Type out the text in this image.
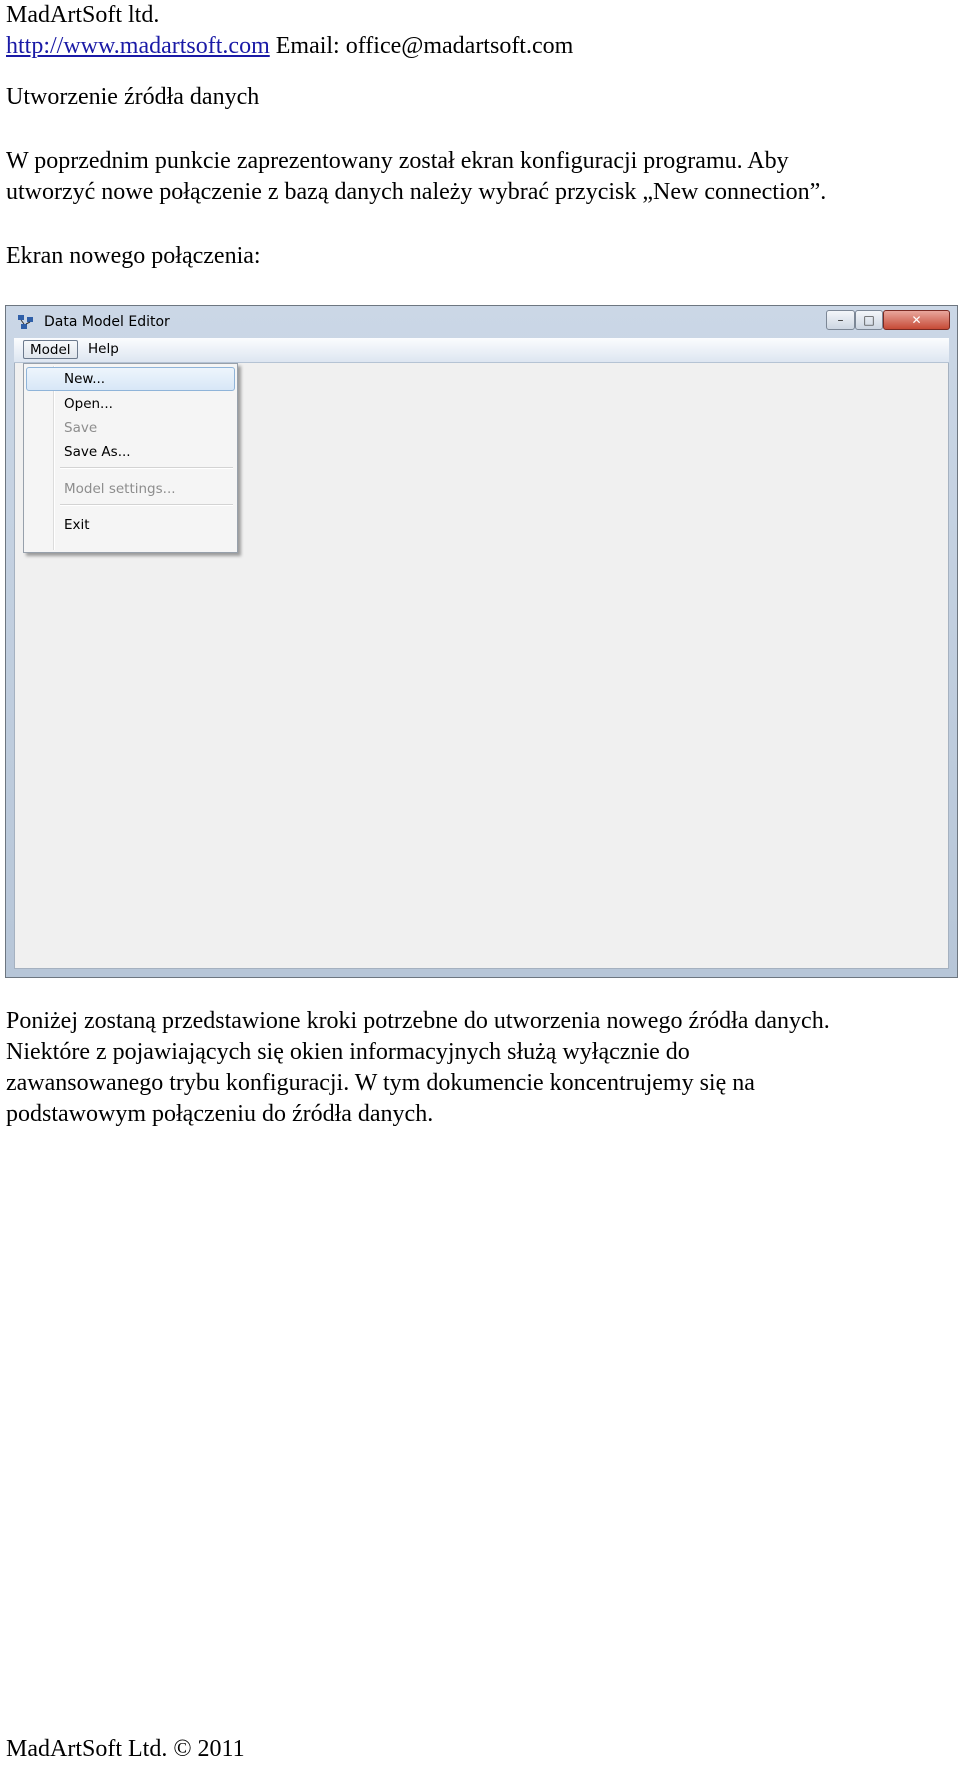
MadArtSoft ltd.

http://www.madartsoft.com Email: office@madartsoft.com

Utworzenie źródła danych

W poprzednim punkcie zaprezentowany został ekran konfiguracji programu. Aby

utworzyć nowe połączenie z bazą danych należy wybrać przycisk „New connection”.

Ekran nowego połączenia:

Data Model Editor	–	□	✕
Model	Help
New...
Open...
Save
Save As...
Model settings...
Exit

Poniżej zostaną przedstawione kroki potrzebne do utworzenia nowego źródła danych.

Niektóre z pojawiających się okien informacyjnych służą wyłącznie do

zawansowanego trybu konfiguracji. W tym dokumencie koncentrujemy się na

podstawowym połączeniu do źródła danych.

MadArtSoft Ltd. © 2011
